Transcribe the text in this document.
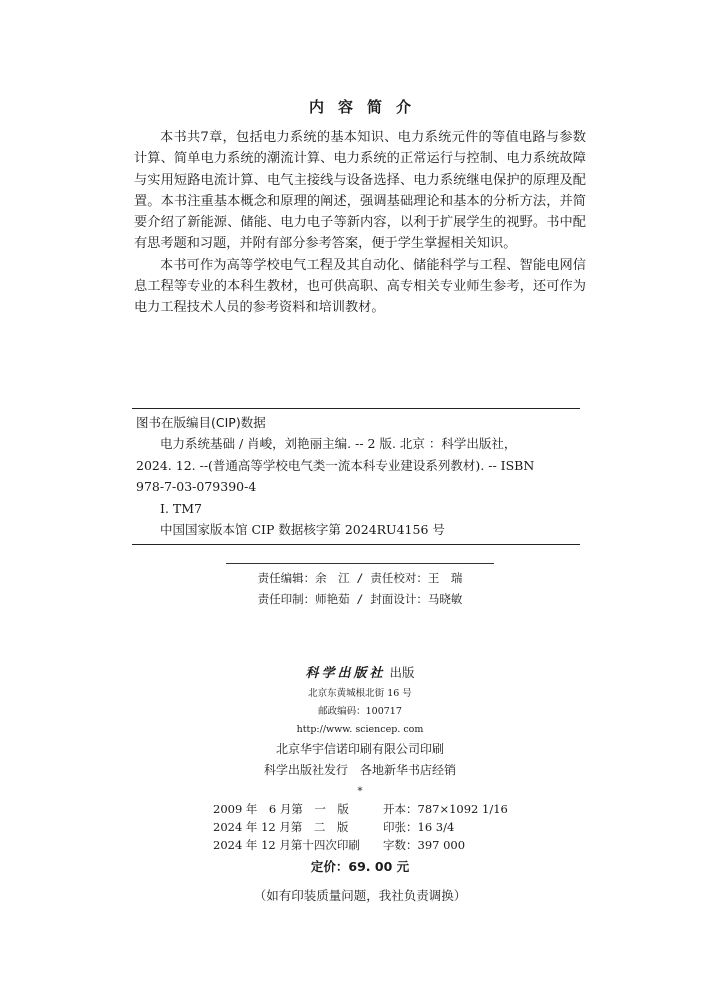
内容简介

本书共7章，包括电力系统的基本知识、电力系统元件的等值电路与参数计算、简单电力系统的潮流计算、电力系统的正常运行与控制、电力系统故障与实用短路电流计算、电气主接线与设备选择、电力系统继电保护的原理及配置。本书注重基本概念和原理的阐述，强调基础理论和基本的分析方法，并简要介绍了新能源、储能、电力电子等新内容，以利于扩展学生的视野。书中配有思考题和习题，并附有部分参考答案，便于学生掌握相关知识。

本书可作为高等学校电气工程及其自动化、储能科学与工程、智能电网信息工程等专业的本科生教材，也可供高职、高专相关专业师生参考，还可作为电力工程技术人员的参考资料和培训教材。

图书在版编目(CIP)数据
电力系统基础 / 肖峻，刘艳丽主编. -- 2 版. 北京 ：科学出版社，
2024. 12. --(普通高等学校电气类一流本科专业建设系列教材). -- ISBN
978-7-03-079390-4
Ⅰ. TM7
中国国家版本馆 CIP 数据核字第 2024RU4156 号
责任编辑：余　江 / 责任校对：王　瑞
责任印制：师艳茹 / 封面设计：马晓敏
科学出版社 出版
北京东黄城根北街 16 号
邮政编码：100717
http://www. sciencep. com
北京华宇信诺印刷有限公司印刷
科学出版社发行　各地新华书店经销
*
2009 年　6 月第　一　版	开本：787×1092 1/16
2024 年 12 月第　二　版	印张：16 3/4
2024 年 12 月第十四次印刷	字数：397 000
定价：69. 00 元
（如有印装质量问题，我社负责调换）
